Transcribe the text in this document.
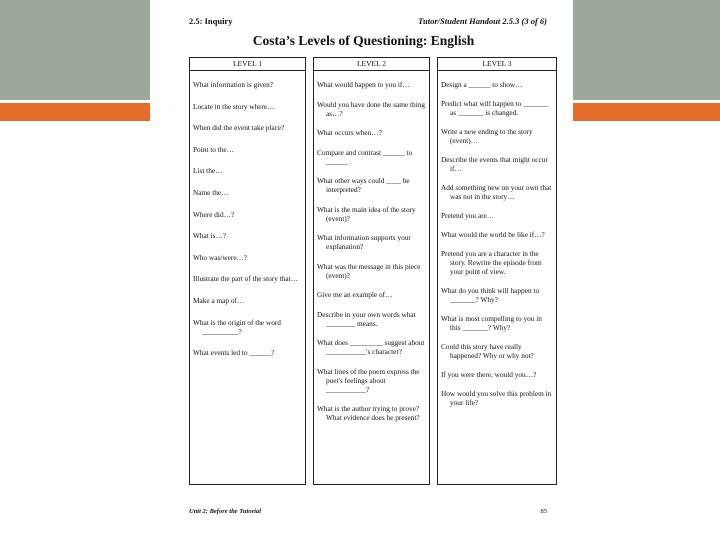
2.5: Inquiry	Tutor/Student Handout 2.5.3 (3 of 6)
Costa’s Levels of Questioning: English
LEVEL 1
What information is given?
Locate in the story where…
When did the event take place?
Point to the…
List the…
Name the…
Where did…?
What is…?
Who was/were…?
Illustrate the part of the story that…
Make a map of…
What is the origin of the word __________?
What events led to ______?
LEVEL 2
What would happen to you if…
Would you have done the same thing as…?
What occurs when…?
Compare and contrast ______ to ______ .
What other ways could ____ be interpreted?
What is the main idea of the story (event)?
What information supports your explanation?
What was the message in this piece (event)?
Give me an example of…
Describe in your own words what ________ means.
What does _________ suggest about ___________'s character?
What lines of the poem express the poet's feelings about ___________?
What is the author trying to prove? What evidence does he present?
LEVEL 3
Design a ______ to show…
Predict what will happen to _______ as _______ is changed.
Write a new ending to the story (event)…
Describe the events that might occur if…
Add something new on your own that was not in the story…
Pretend you are…
What would the world be like if…?
Pretend you are a character in the story. Rewrite the episode from your point of view.
What do you think will happen to _______? Why?
What is most compelling to you in this _______? Why?
Could this story have really happened? Why or why not?
If you were there, would you…?
How would you solve this problem in your life?
Unit 2: Before the Tutorial	85
